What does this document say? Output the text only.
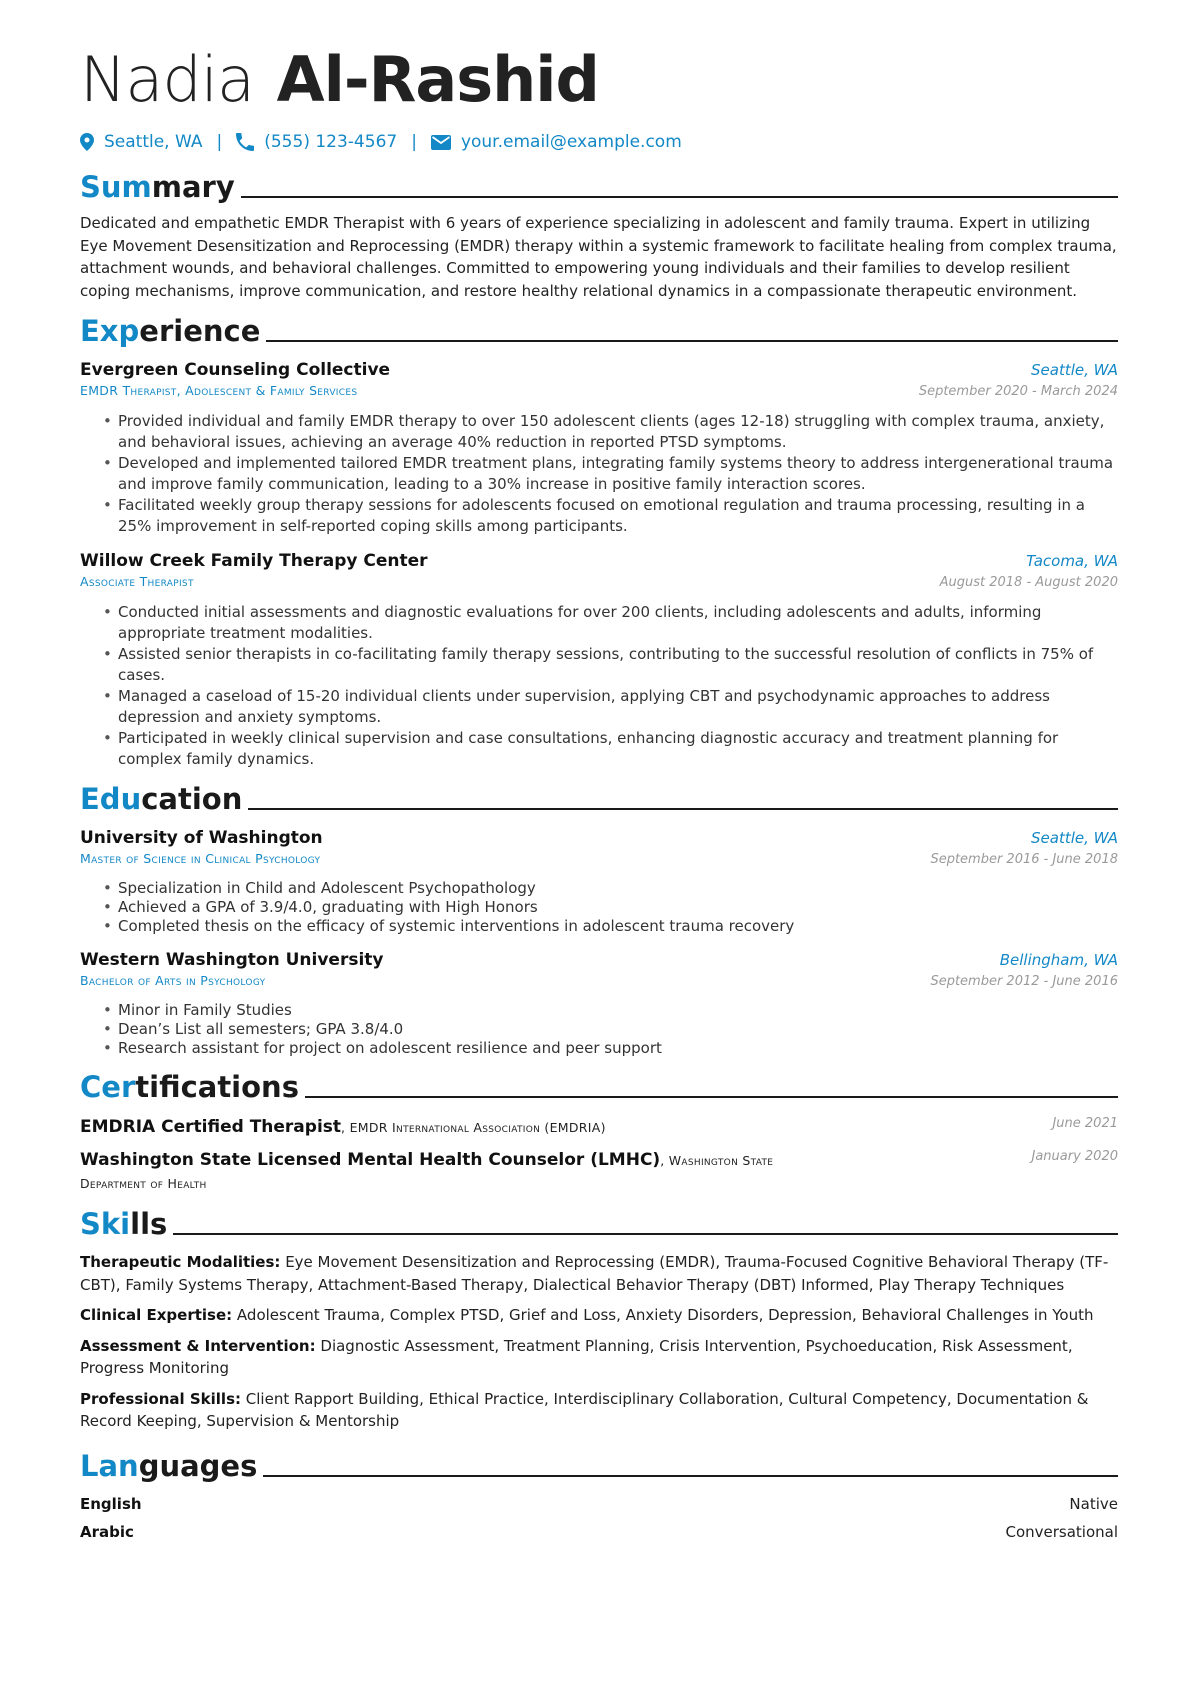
Nadia Al-Rashid
Seattle, WA | (555) 123-4567 |	your.email@example.com
Summary
Dedicated and empathetic EMDR Therapist with 6 years of experience specializing in adolescent and family trauma. Expert in utilizing Eye Movement Desensitization and Reprocessing (EMDR) therapy within a systemic framework to facilitate healing from complex trauma, attachment wounds, and behavioral challenges. Committed to empowering young individuals and their families to develop resilient coping mechanisms, improve communication, and restore healthy relational dynamics in a compassionate therapeutic environment.
Experience
Evergreen Counseling Collective	Seattle, WA
EMDR Therapist, Adolescent & Family Services	September 2020 - March 2024
• Provided individual and family EMDR therapy to over 150 adolescent clients (ages 12-18) struggling with complex trauma, anxiety, and behavioral issues, achieving an average 40% reduction in reported PTSD symptoms.
• Developed and implemented tailored EMDR treatment plans, integrating family systems theory to address intergenerational trauma and improve family communication, leading to a 30% increase in positive family interaction scores.
• Facilitated weekly group therapy sessions for adolescents focused on emotional regulation and trauma processing, resulting in a 25% improvement in self-reported coping skills among participants.
Willow Creek Family Therapy Center	Tacoma, WA
Associate Therapist	August 2018 - August 2020
• Conducted initial assessments and diagnostic evaluations for over 200 clients, including adolescents and adults, informing appropriate treatment modalities.
• Assisted senior therapists in co-facilitating family therapy sessions, contributing to the successful resolution of conflicts in 75% of cases.
• Managed a caseload of 15-20 individual clients under supervision, applying CBT and psychodynamic approaches to address depression and anxiety symptoms.
• Participated in weekly clinical supervision and case consultations, enhancing diagnostic accuracy and treatment planning for complex family dynamics.
Education
University of Washington	Seattle, WA
Master of Science in Clinical Psychology	September 2016 - June 2018
• Specialization in Child and Adolescent Psychopathology
• Achieved a GPA of 3.9/4.0, graduating with High Honors
• Completed thesis on the efficacy of systemic interventions in adolescent trauma recovery
Western Washington University	Bellingham, WA
Bachelor of Arts in Psychology	September 2012 - June 2016
• Minor in Family Studies
• Dean’s List all semesters; GPA 3.8/4.0
• Research assistant for project on adolescent resilience and peer support
Certifications
EMDRIA Certified Therapist, EMDR International Association (EMDRIA)	June 2021
Washington State Licensed Mental Health Counselor (LMHC), Washington State Department of Health
January 2020
Skills
Therapeutic Modalities: Eye Movement Desensitization and Reprocessing (EMDR), Trauma-Focused Cognitive Behavioral Therapy (TF-CBT), Family Systems Therapy, Attachment-Based Therapy, Dialectical Behavior Therapy (DBT) Informed, Play Therapy Techniques
Clinical Expertise: Adolescent Trauma, Complex PTSD, Grief and Loss, Anxiety Disorders, Depression, Behavioral Challenges in Youth
Assessment & Intervention: Diagnostic Assessment, Treatment Planning, Crisis Intervention, Psychoeducation, Risk Assessment, Progress Monitoring
Professional Skills: Client Rapport Building, Ethical Practice, Interdisciplinary Collaboration, Cultural Competency, Documentation & Record Keeping, Supervision & Mentorship
Languages
English	Native
Arabic	Conversational
